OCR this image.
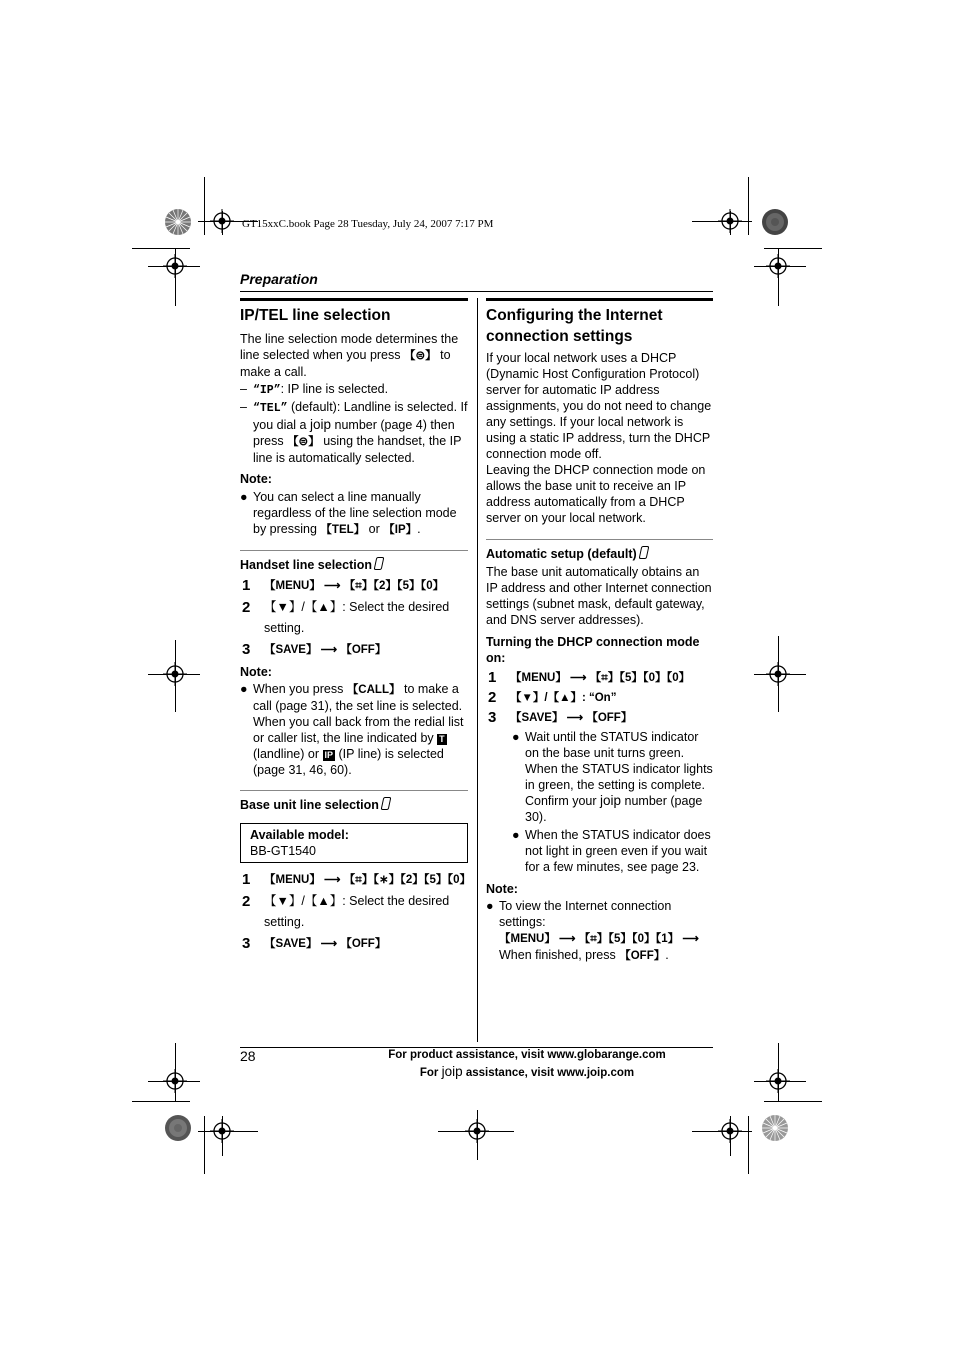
GT15xxC.book Page 28 Tuesday, July 24, 2007 7:17 PM
Preparation

IP/TEL line selection

The line selection mode determines the line selected when you press 【⊜】 to make a call.

– “IP”: IP line is selected.
– “TEL” (default): Landline is selected. If you dial a joip number (page 4) then press 【⊜】 using the handset, the IP line is automatically selected.

Note:

● You can select a line manually regardless of the line selection mode by pressing 【TEL】 or 【IP】.

Handset line selection

1 【MENU】 ⟶ 【⌗】【2】【5】【0】
2 【▼】/【▲】: Select the desired setting.
3 【SAVE】 ⟶ 【OFF】

Note:

● When you press 【CALL】 to make a call (page 31), the set line is selected. When you call back from the redial list or caller list, the line indicated by T (landline) or IP (IP line) is selected (page 31, 46, 60).

Base unit line selection

Available model:
BB-GT1540
1 【MENU】 ⟶ 【⌗】【∗】【2】【5】【0】
2 【▼】/【▲】: Select the desired setting.
3 【SAVE】 ⟶ 【OFF】

Configuring the Internet
connection settings

If your local network uses a DHCP (Dynamic Host Configuration Protocol) server for automatic IP address assignments, you do not need to change any settings. If your local network is using a static IP address, turn the DHCP connection mode off.

Leaving the DHCP connection mode on allows the base unit to receive an IP address automatically from a DHCP server on your local network.

Automatic setup (default)

The base unit automatically obtains an IP address and other Internet connection settings (subnet mask, default gateway, and DNS server addresses).

Turning the DHCP connection mode on:

1 【MENU】 ⟶ 【⌗】【5】【0】【0】
2 【▼】/【▲】: “On”
3 【SAVE】 ⟶ 【OFF】
● Wait until the STATUS indicator on the base unit turns green. When the STATUS indicator lights in green, the setting is complete. Confirm your joip number (page 30).
● When the STATUS indicator does not light in green even if you wait for a few minutes, see page 23.

Note:

● To view the Internet connection settings:
【MENU】 ⟶ 【⌗】【5】【0】【1】 ⟶
When finished, press 【OFF】.
28	For product assistance, visit www.globarange.com
For joip assistance, visit www.joip.com
